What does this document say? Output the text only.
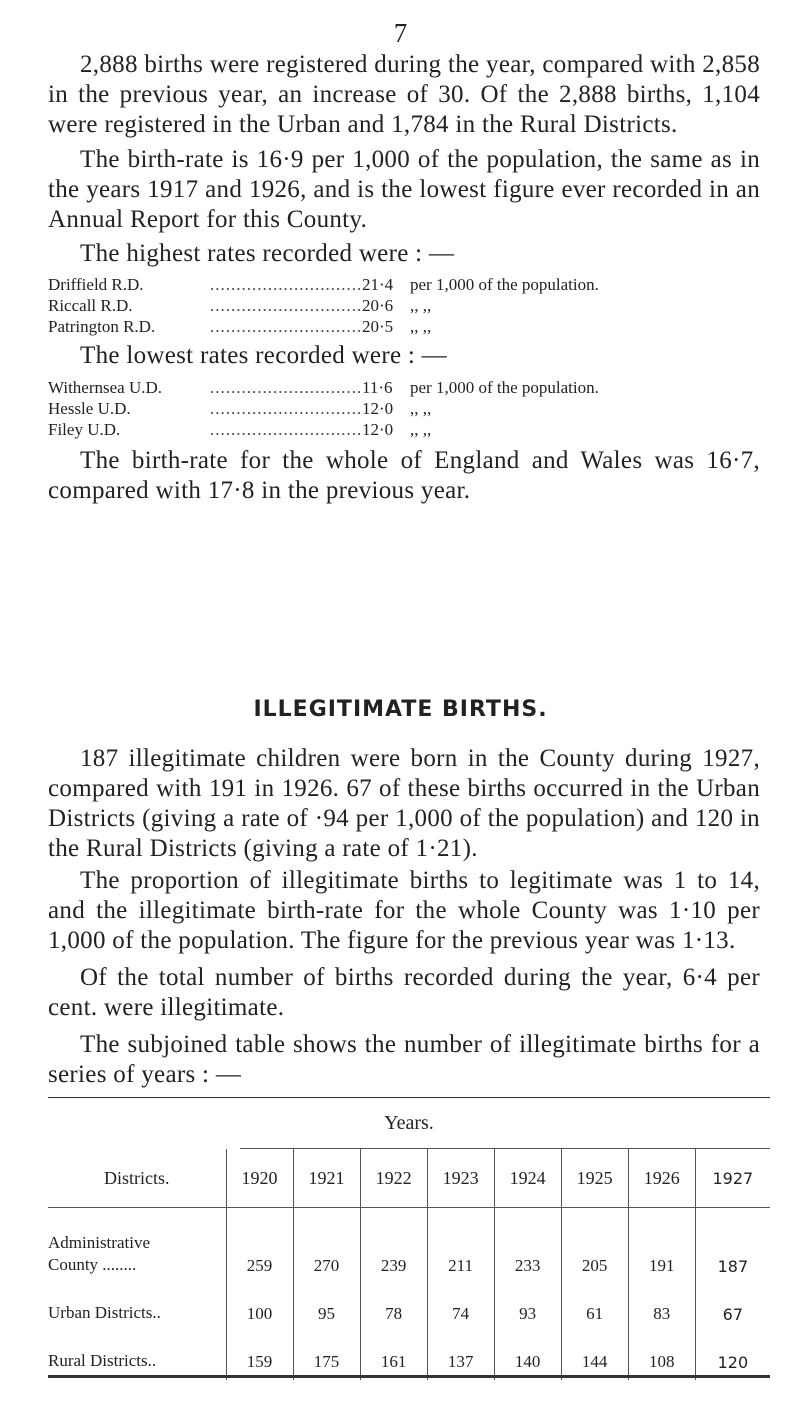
7

2,888 births were registered during the year, compared with 2,858 in the previous year, an increase of 30. Of the 2,888 births, 1,104 were registered in the Urban and 1,784 in the Rural Districts.

The birth-rate is 16·9 per 1,000 of the population, the same as in the years 1917 and 1926, and is the lowest figure ever recorded in an Annual Report for this County.

The highest rates recorded were : —

Driffield R.D.	............................. 21·4 per 1,000 of the population.
Riccall R.D.	............................. 20·6 ,, ,,
Patrington R.D.	............................. 20·5 ,, ,,

The lowest rates recorded were : —

Withernsea U.D.	............................. 11·6 per 1,000 of the population.
Hessle U.D.	............................. 12·0 ,, ,,
Filey U.D.	............................. 12·0 ,, ,,

The birth-rate for the whole of England and Wales was 16·7, compared with 17·8 in the previous year.

ILLEGITIMATE BIRTHS.

187 illegitimate children were born in the County during 1927, compared with 191 in 1926. 67 of these births occurred in the Urban Districts (giving a rate of ·94 per 1,000 of the population) and 120 in the Rural Districts (giving a rate of 1·21).

The proportion of illegitimate births to legitimate was 1 to 14, and the illegitimate birth-rate for the whole County was 1·10 per 1,000 of the population. The figure for the previous year was 1·13.

Of the total number of births recorded during the year, 6·4 per cent. were illegitimate.

The subjoined table shows the number of illegitimate births for a series of years : —

Years.
Districts.	1920	1921	1922	1923	1924	1925	1926	1927

Administrative
County ........	259	270	239	211	233	205	191	187
Urban Districts..	100	95	78	74	93	61	83	67
Rural Districts..	159	175	161	137	140	144	108	120
